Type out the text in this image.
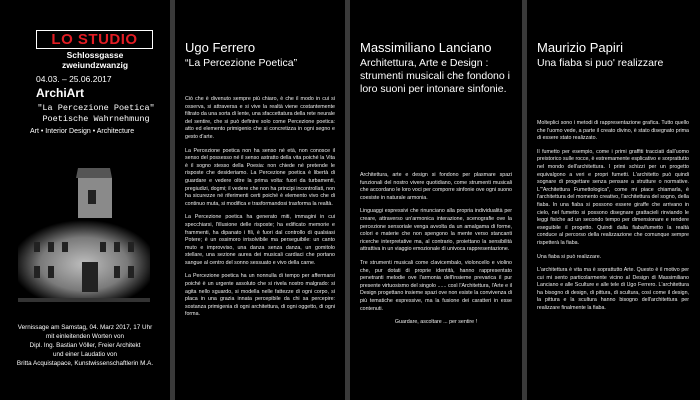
LO STUDIO
Schlossgasse zweiundzwanzig
04.03. – 25.06.2017
ArchiArt
"La Percezione Poetica"
Poetische Wahrnehmung
Art • Interior Design • Architecture
Vernissage am Samstag, 04. Marz 2017, 17 Uhr
mit einleitenden Worten von
Dipl. Ing. Bastian Völler, Freier Architekt
und einer Laudatio von
Britta Acquistapace, Kunstwissenschaftlerin M.A.
Ugo Ferrero
“La Percezione Poetica”

Ciò che è divenuto sempre più chiaro, è che il modo in cui si osserva, si attraversa e si vive la realtà viene costantemente filtrato da una sorta di lente, una sfaccettatura della rete neurale del sentire, che si può definire solo come Percezione poetica: atto ed elemento primigenio che si concretizza in ogni segno e gesto d'arte.

La Percezione poetica non ha senso né età, non conosce il senso del possesso né il senso astratto della vita poiché la Vita è il sogno stesso della Poesia: non chiede né pretende le risposte che desideriamo. La Percezione poetica è libertà di guardare e vedere oltre la prima volta: fuori da turbamenti, pregiudizi, dogmi; il vedere che non ha principi incontrollati, non ha sicurezze né riferimenti certi poiché è elemento vivo che di continuo muta, si modifica e trasformandosi trasforma la realtà.

La Percezione poetica ha generato miti, immagini in cui specchiarsi, l'illusione delle risposte; ha edificato memorie e frammenti, ha dipanato i fili, è fuori dal controllo di qualsiasi Potere; è un ossimoro irrisolvibile ma perseguibile: un canto muto e improvviso, una danza senza danza, un gomitolo stellare, una sezione aurea dei musicali cardiaci che portano sangue al centro del sonno sessuato e vivo della carne.

La Percezione poetica ha un nonnulla di tempo per affermarsi poiché è un urgente assoluto che si rivela nostro malgrado: si agita nello sguardo, si modella nelle fattezze di ogni corpo, si placa in una grazia innata percepibile da chi sa percepire: sostanza primigenia di ogni architettura, di ogni oggetto, di ogni forma.

Massimiliano Lanciano
Architettura, Arte e Design : strumenti musicali che fondono i loro suoni per intonare sinfonie.

Architettura, arte e design si fondono per plasmare spazi funzionali del nostro vivere quotidiano, come strumenti musicali che accordano le loro voci per comporre sinfonie ove ogni suono coesiste in naturale armonia.

Linguaggi espressivi che rinunciano alla propria individualità per creare, attraverso un'armonica interazione, scenografie ove la percezione sensoriale venga avvolta da un amalgama di forme, colori e materie che non spengono la mente verso stancanti ricerche interpretative ma, al contrario, proiettano la sensibilità attrattiva in un viaggio emozionale di univoca rappresentazione.

Tre strumenti musicali come clavicembalo, violoncello e violino che, pur dotati di proprie identità, hanno rappresentato penetranti melodie ove l'armonia dell'insieme prevarica il pur presente virtuosismo del singolo ...... così l'Architettura, l'Arte e il Design progettano insieme spazi ove non esiste la convivenza di più tematiche espressive, ma la fusione dei caratteri in esse contenuti.

Guardare, ascoltare ... per sentire !

Maurizio Papiri
Una fiaba si puo' realizzare

Molteplici sono i metodi di rappresentazione grafica. Tutto quello che l'uomo vede, a parte il creato divino, è stato disegnato prima di essere stato realizzato.

Il fumetto per esempio, come i primi graffiti tracciati dall'uomo preistorico sulle rocce, è estremamente esplicativo e sorprattutto nel mondo dell'architettura. I primi schizzi per un progetto equivalgono a veri e propri fumetti. L'architetto può quindi sognare di progettare senza pensare a strutture o normative. L'"Architettura Fumettologica", come mi piace chiamarla, è l'architettura del momento creativo, l'architettura del sogno, della fiaba. In una fiaba si possono essere giraffe che arrivano in cielo, nel fumetto si possono disegnare grattacieli rinviando le leggi fisiche ad un secondo tempo per dimensionare e rendere eseguibile il progetto. Quindi dalla fiaba/fumetto la realtà conduce al percorso della realizzazione che comunque sempre rispetterà la fiaba.

Una fiaba si può realizzare.

L'architettura è vita ma è soprattutto Arte. Questo è il motivo per cui mi sento particolarmente vicino al Design di Massimiliano Lanciano e alle Sculture e alle tele di Ugo Ferrero. L'architettura ha bisogno di design, di pittura, di scultura, così come il design, la pittura e la scultura hanno bisogno dell'architettura per realizzare finalmente la fiaba.
